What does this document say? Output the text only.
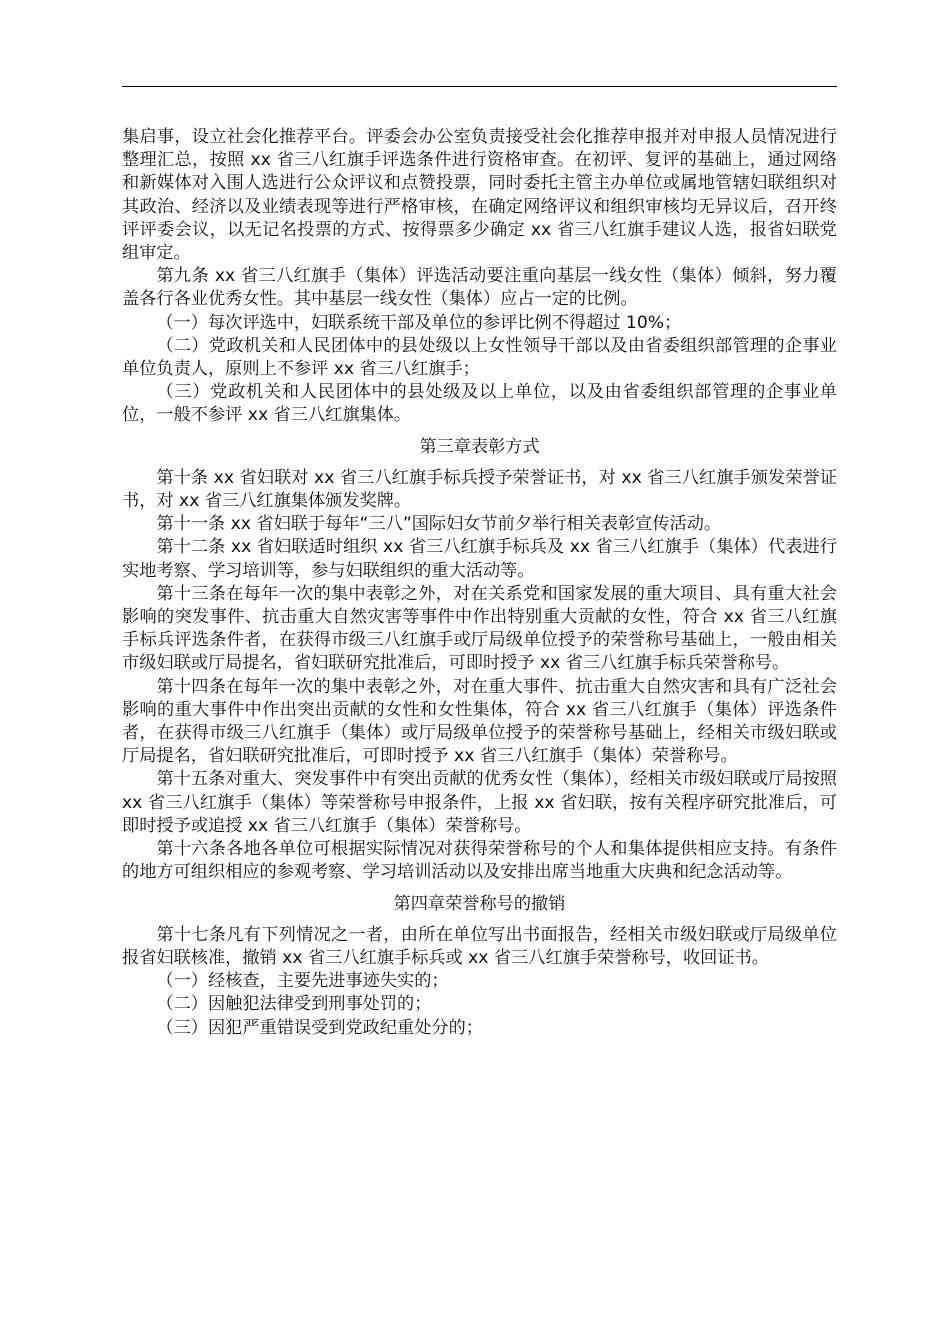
集启事，设立社会化推荐平台。评委会办公室负责接受社会化推荐申报并对申报人员情况进行整理汇总，按照 xx 省三八红旗手评选条件进行资格审查。在初评、复评的基础上，通过网络和新媒体对入围人选进行公众评议和点赞投票，同时委托主管主办单位或属地管辖妇联组织对其政治、经济以及业绩表现等进行严格审核，在确定网络评议和组织审核均无异议后，召开终评评委会议，以无记名投票的方式、按得票多少确定 xx 省三八红旗手建议人选，报省妇联党组审定。

第九条 xx 省三八红旗手（集体）评选活动要注重向基层一线女性（集体）倾斜，努力覆盖各行各业优秀女性。其中基层一线女性（集体）应占一定的比例。

（一）每次评选中，妇联系统干部及单位的参评比例不得超过 10%；

（二）党政机关和人民团体中的县处级以上女性领导干部以及由省委组织部管理的企事业单位负责人，原则上不参评 xx 省三八红旗手；

（三）党政机关和人民团体中的县处级及以上单位，以及由省委组织部管理的企事业单位，一般不参评 xx 省三八红旗集体。

第三章表彰方式

第十条 xx 省妇联对 xx 省三八红旗手标兵授予荣誉证书，对 xx 省三八红旗手颁发荣誉证书，对 xx 省三八红旗集体颁发奖牌。

第十一条 xx 省妇联于每年“三八”国际妇女节前夕举行相关表彰宣传活动。

第十二条 xx 省妇联适时组织 xx 省三八红旗手标兵及 xx 省三八红旗手（集体）代表进行实地考察、学习培训等，参与妇联组织的重大活动等。

第十三条在每年一次的集中表彰之外，对在关系党和国家发展的重大项目、具有重大社会影响的突发事件、抗击重大自然灾害等事件中作出特别重大贡献的女性，符合 xx 省三八红旗手标兵评选条件者，在获得市级三八红旗手或厅局级单位授予的荣誉称号基础上，一般由相关市级妇联或厅局提名，省妇联研究批准后，可即时授予 xx 省三八红旗手标兵荣誉称号。

第十四条在每年一次的集中表彰之外，对在重大事件、抗击重大自然灾害和具有广泛社会影响的重大事件中作出突出贡献的女性和女性集体，符合 xx 省三八红旗手（集体）评选条件者，在获得市级三八红旗手（集体）或厅局级单位授予的荣誉称号基础上，经相关市级妇联或厅局提名，省妇联研究批准后，可即时授予 xx 省三八红旗手（集体）荣誉称号。

第十五条对重大、突发事件中有突出贡献的优秀女性（集体），经相关市级妇联或厅局按照 xx 省三八红旗手（集体）等荣誉称号申报条件，上报 xx 省妇联，按有关程序研究批准后，可即时授予或追授 xx 省三八红旗手（集体）荣誉称号。

第十六条各地各单位可根据实际情况对获得荣誉称号的个人和集体提供相应支持。有条件的地方可组织相应的参观考察、学习培训活动以及安排出席当地重大庆典和纪念活动等。

第四章荣誉称号的撤销

第十七条凡有下列情况之一者，由所在单位写出书面报告，经相关市级妇联或厅局级单位报省妇联核准，撤销 xx 省三八红旗手标兵或 xx 省三八红旗手荣誉称号，收回证书。

（一）经核查，主要先进事迹失实的；

（二）因触犯法律受到刑事处罚的；

（三）因犯严重错误受到党政纪重处分的；
